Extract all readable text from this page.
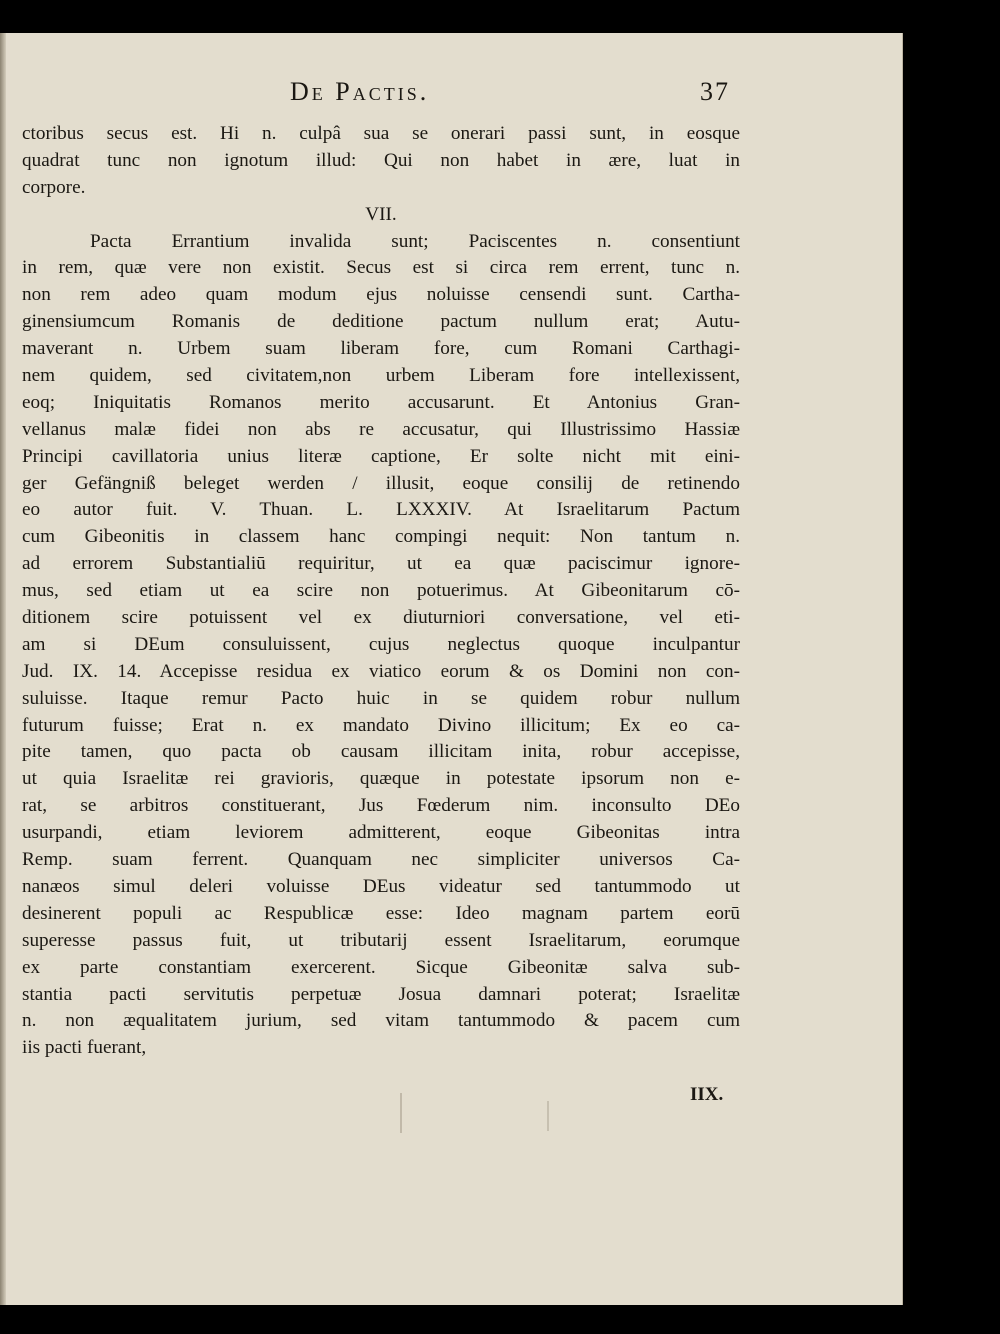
De Pactis.	37
ctoribus secus est. Hi n. culpâ sua se onerari passi sunt, in eosque
quadrat tunc non ignotum illud: Qui non habet in ære, luat in
corpore.
VII.
Pacta Errantium invalida sunt; Paciscentes n. consentiunt
in rem, quæ vere non existit. Secus est si circa rem errent, tunc n.
non rem adeo quam modum ejus noluisse censendi sunt. Cartha-
ginensiumcum Romanis de deditione pactum nullum erat; Autu-
maverant n. Urbem suam liberam fore, cum Romani Carthagi-
nem quidem, sed civitatem,non urbem Liberam fore intellexissent,
eoq; Iniquitatis Romanos merito accusarunt. Et Antonius Gran-
vellanus malæ fidei non abs re accusatur, qui Illustrissimo Hassiæ
Principi cavillatoria unius literæ captione, Er solte nicht mit eini-
ger Gefängniß beleget werden / illusit, eoque consilij de retinendo
eo autor fuit. V. Thuan. L. LXXXIV. At Israelitarum Pactum
cum Gibeonitis in classem hanc compingi nequit: Non tantum n.
ad errorem Substantialiū requiritur, ut ea quæ paciscimur ignore-
mus, sed etiam ut ea scire non potuerimus. At Gibeonitarum cō-
ditionem scire potuissent vel ex diuturniori conversatione, vel eti-
am si DEum consuluissent, cujus neglectus quoque inculpantur
Jud. IX. 14. Accepisse residua ex viatico eorum & os Domini non con-
suluisse. Itaque remur Pacto huic in se quidem robur nullum
futurum fuisse; Erat n. ex mandato Divino illicitum; Ex eo ca-
pite tamen, quo pacta ob causam illicitam inita, robur accepisse,
ut quia Israelitæ rei gravioris, quæque in potestate ipsorum non e-
rat, se arbitros constituerant, Jus Fœderum nim. inconsulto DEo
usurpandi, etiam leviorem admitterent, eoque Gibeonitas intra
Remp. suam ferrent. Quanquam nec simpliciter universos Ca-
nanæos simul deleri voluisse DEus videatur sed tantummodo ut
desinerent populi ac Respublicæ esse: Ideo magnam partem eorū
superesse passus fuit, ut tributarij essent Israelitarum, eorumque
ex parte constantiam exercerent. Sicque Gibeonitæ salva sub-
stantia pacti servitutis perpetuæ Josua damnari poterat; Israelitæ
n. non æqualitatem jurium, sed vitam tantummodo & pacem cum
iis pacti fuerant,
IIX.
